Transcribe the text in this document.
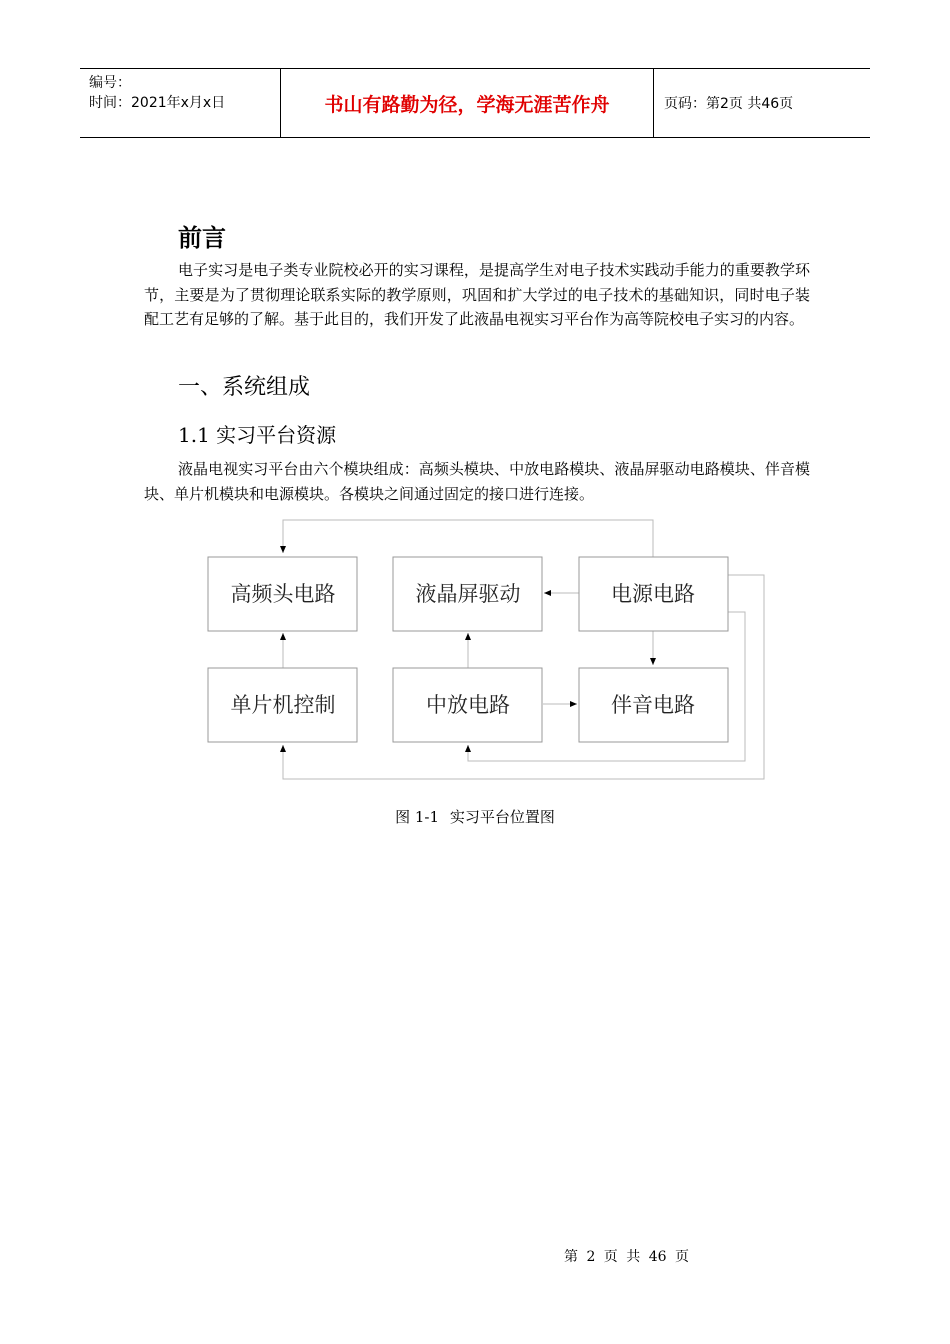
编号：
时间：2021年x月x日	书山有路勤为径，学海无涯苦作舟	页码：第2页 共46页
前言
电子实习是电子类专业院校必开的实习课程，是提高学生对电子技术实践动手能力的重要教学环节，主要是为了贯彻理论联系实际的教学原则，巩固和扩大学过的电子技术的基础知识，同时电子装配工艺有足够的了解。基于此目的，我们开发了此液晶电视实习平台作为高等院校电子实习的内容。
一、系统组成
1.1 实习平台资源
液晶电视实习平台由六个模块组成：高频头模块、中放电路模块、液晶屏驱动电路模块、伴音模块、单片机模块和电源模块。各模块之间通过固定的接口进行连接。
高频头电路	液晶屏驱动	电源电路
单片机控制	中放电路	伴音电路
图 1-1 实习平台位置图
第 2 页 共 46 页
